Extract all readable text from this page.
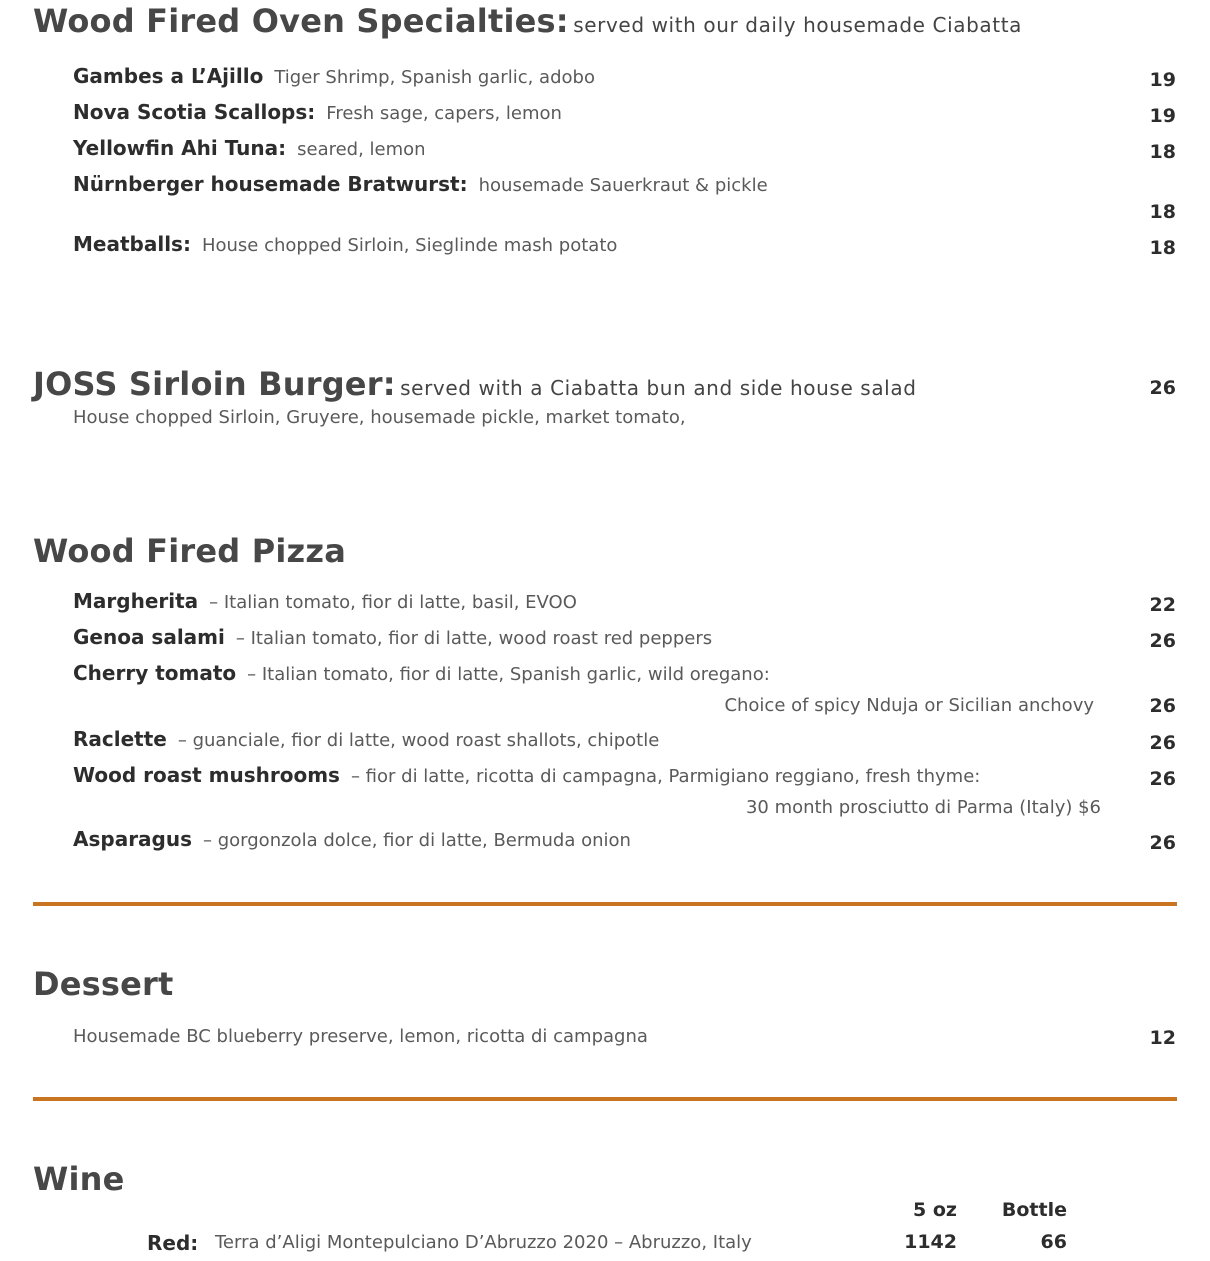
Wood Fired Oven Specialties: served with our daily housemade Ciabatta
Gambes a L’Ajillo Tiger Shrimp, Spanish garlic, adobo	19
Nova Scotia Scallops: Fresh sage, capers, lemon	19
Yellowfin Ahi Tuna: seared, lemon	18
Nürnberger housemade Bratwurst: housemade Sauerkraut & pickle
18
Meatballs: House chopped Sirloin, Sieglinde mash potato	18
JOSS Sirloin Burger: served with a Ciabatta bun and side house salad	26
House chopped Sirloin, Gruyere, housemade pickle, market tomato,
Wood Fired Pizza
Margherita – Italian tomato, fior di latte, basil, EVOO	22
Genoa salami – Italian tomato, fior di latte, wood roast red peppers	26
Cherry tomato – Italian tomato, fior di latte, Spanish garlic, wild oregano:
Choice of spicy Nduja or Sicilian anchovy	26
Raclette – guanciale, fior di latte, wood roast shallots, chipotle	26
Wood roast mushrooms – fior di latte, ricotta di campagna, Parmigiano reggiano, fresh thyme:	26
30 month prosciutto di Parma (Italy) $6
Asparagus – gorgonzola dolce, fior di latte, Bermuda onion	26
Dessert
Housemade BC blueberry preserve, lemon, ricotta di campagna	12
Wine
5 oz Bottle
Red: Terra d’Aligi Montepulciano D’Abruzzo 2020 – Abruzzo, Italy	1142	66
